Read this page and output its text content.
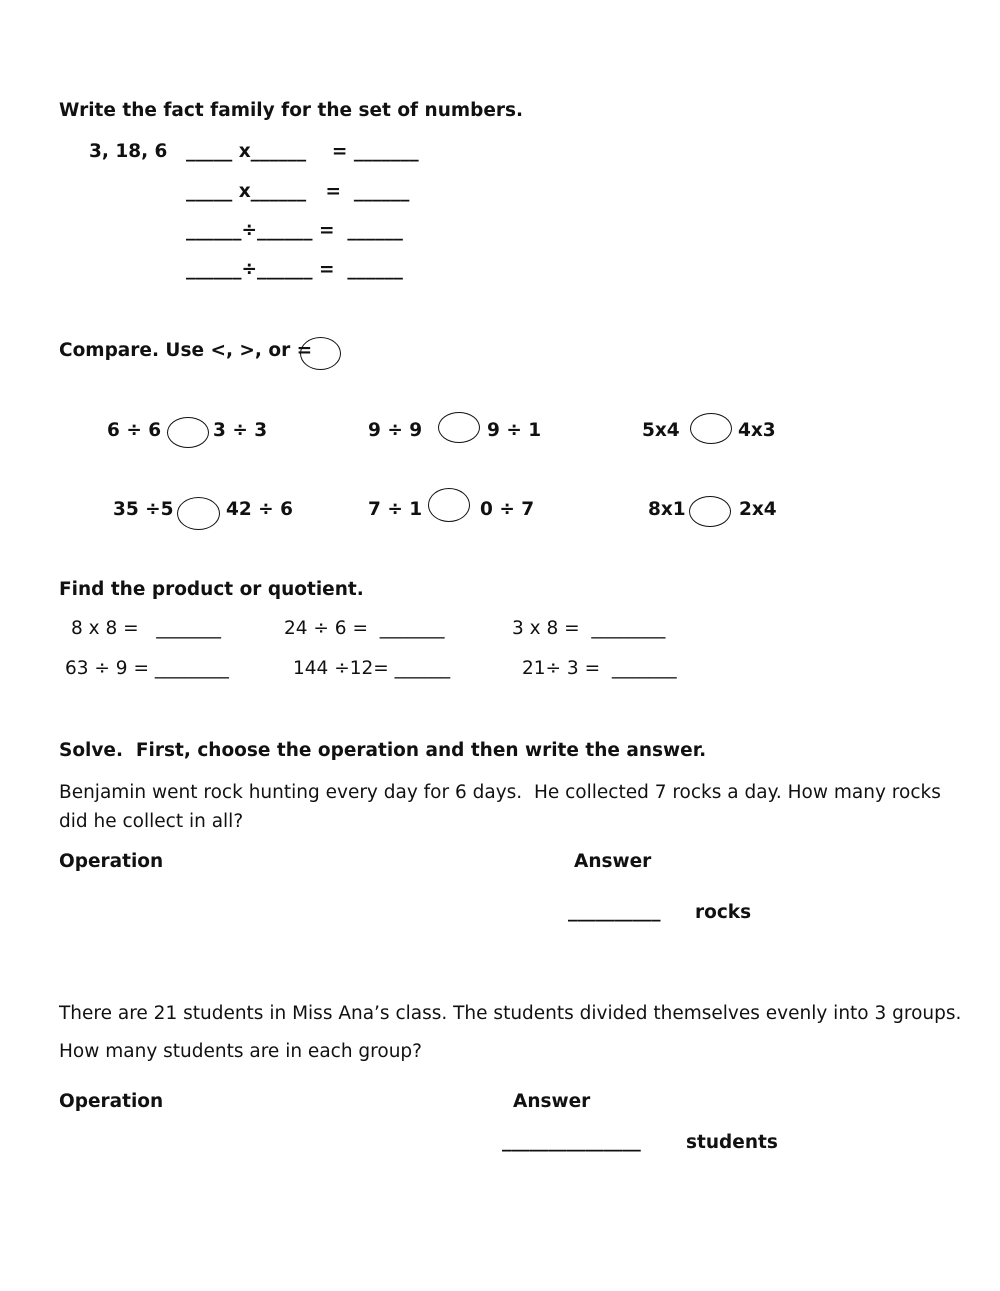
Write the fact family for the set of numbers.
3, 18, 6 _____ x______    = _______
_____ x______   =  ______
______÷______ =  ______
______÷______ =  ______
Compare. Use <, >, or =
6 ÷ 6	3 ÷ 3	9 ÷ 9	9 ÷ 1	5x4	4x3
35 ÷5	42 ÷ 6	7 ÷ 1	0 ÷ 7	8x1	2x4
Find the product or quotient.
8 x 8 =   _______	24 ÷ 6 =  _______	3 x 8 =  ________
63 ÷ 9 = ________	144 ÷12= ______	21÷ 3 =  _______
Solve.  First, choose the operation and then write the answer.
Benjamin went rock hunting every day for 6 days.  He collected 7 rocks a day. How many rocks
did he collect in all?
Operation	Answer
__________ rocks
There are 21 students in Miss Ana’s class. The students divided themselves evenly into 3 groups.
How many students are in each group?
Operation	Answer
_______________ students
